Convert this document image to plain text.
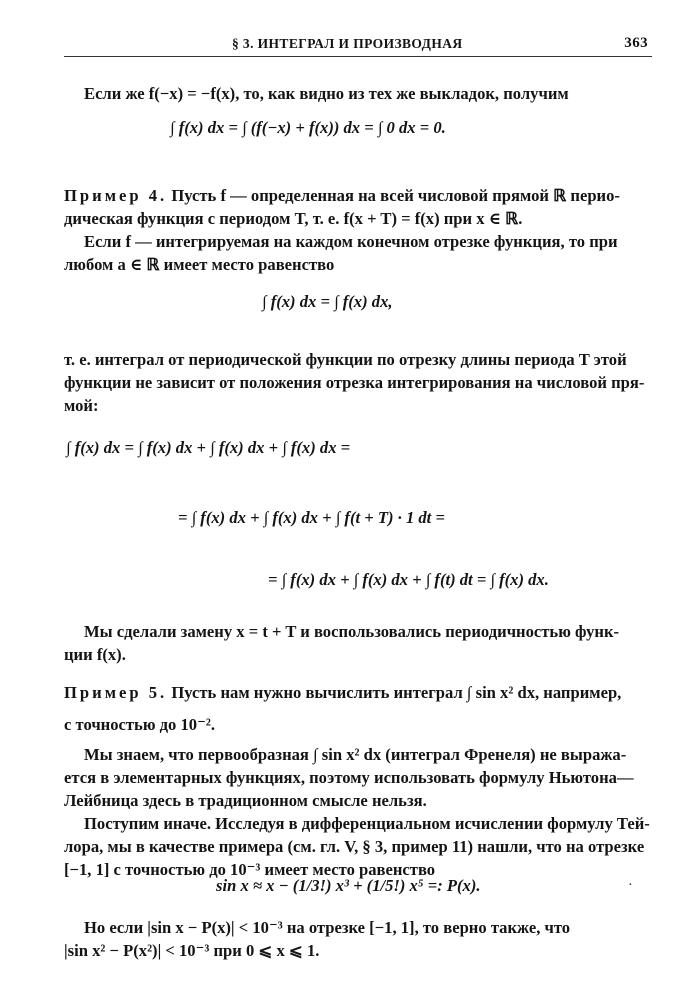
§ 3. ИНТЕГРАЛ И ПРОИЗВОДНАЯ	363
Если же f(−x) = −f(x), то, как видно из тех же выкладок, получим
∫ f(x) dx = ∫ (f(−x) + f(x)) dx = ∫ 0 dx = 0.
Пример 4. Пусть f — определенная на всей числовой прямой ℝ перио-
дическая функция с периодом T, т. е. f(x + T) = f(x) при x ∈ ℝ.
Если f — интегрируемая на каждом конечном отрезке функция, то при
любом a ∈ ℝ имеет место равенство
∫ f(x) dx = ∫ f(x) dx,
т. е. интеграл от периодической функции по отрезку длины периода T этой
функции не зависит от положения отрезка интегрирования на числовой пря-
мой:
∫ f(x) dx = ∫ f(x) dx + ∫ f(x) dx + ∫ f(x) dx =
= ∫ f(x) dx + ∫ f(x) dx + ∫ f(t + T) · 1 dt =
= ∫ f(x) dx + ∫ f(x) dx + ∫ f(t) dt = ∫ f(x) dx.
Мы сделали замену x = t + T и воспользовались периодичностью функ-
ции f(x).
Пример 5. Пусть нам нужно вычислить интеграл ∫ sin x² dx, например,
с точностью до 10⁻².
Мы знаем, что первообразная ∫ sin x² dx (интеграл Френеля) не выража-
ется в элементарных функциях, поэтому использовать формулу Ньютона—
Лейбница здесь в традиционном смысле нельзя.
Поступим иначе. Исследуя в дифференциальном исчислении формулу Тей-
лора, мы в качестве примера (см. гл. V, § 3, пример 11) нашли, что на отрезке
[−1, 1] с точностью до 10⁻³ имеет место равенство
sin x ≈ x − (1/3!) x³ + (1/5!) x⁵ =: P(x).	·
Но если |sin x − P(x)| < 10⁻³ на отрезке [−1, 1], то верно также, что
|sin x² − P(x²)| < 10⁻³ при 0 ⩽ x ⩽ 1.
